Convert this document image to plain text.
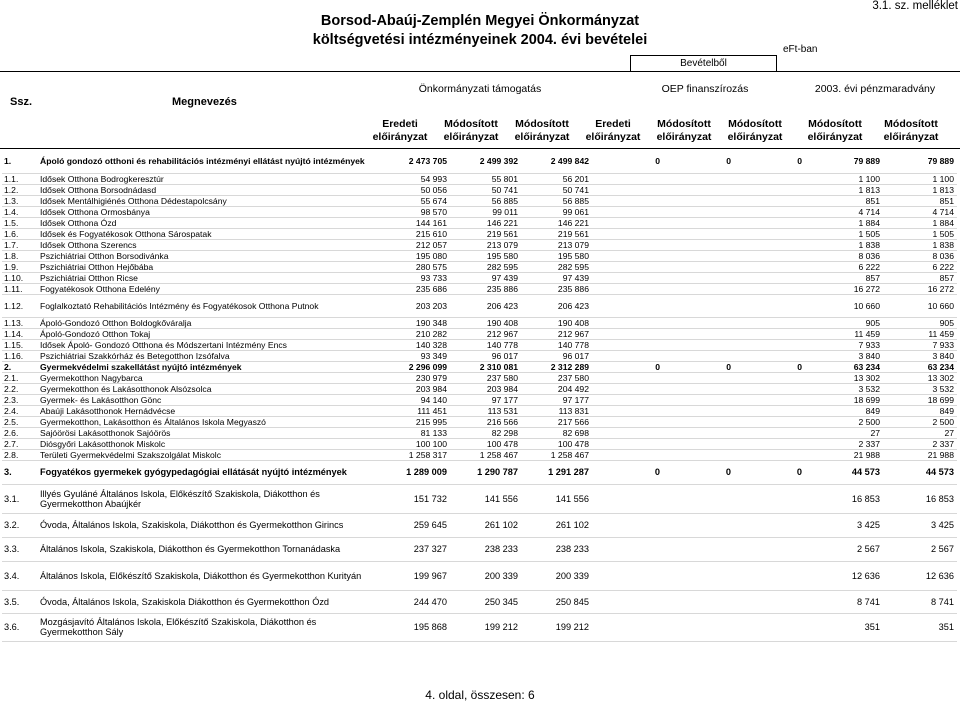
Borsod-Abaúj-Zemplén Megyei Önkormányzat
költségvetési intézményeinek 2004. évi bevételei
3.1. sz. melléklet
eFt-ban
Bevételből
Ssz.	Megnevezés
Önkormányzati támogatás	OEP finanszírozás	2003. évi pénzmaradvány
Eredeti
előirányzat
Módosított
előirányzat
Módosított
előirányzat
Eredeti
előirányzat
Módosított
előirányzat
Módosított
előirányzat
Módosított
előirányzat
Módosított
előirányzat
1.	Ápoló gondozó otthoni és rehabilitációs intézményi ellátást nyújtó intézmények	2 473 705	2 499 392	2 499 842	0	0	0	79 889	79 889
1.1.	Idősek Otthona Bodrogkeresztúr	54 993	55 801	56 201				1 100	1 100
1.2.	Idősek Otthona Borsodnádasd	50 056	50 741	50 741				1 813	1 813
1.3.	Idősek Mentálhigiénés Otthona Dédestapolcsány	55 674	56 885	56 885				851	851
1.4.	Idősek Otthona Ormosbánya	98 570	99 011	99 061				4 714	4 714
1.5.	Idősek Otthona Ózd	144 161	146 221	146 221				1 884	1 884
1.6.	Idősek és Fogyatékosok Otthona Sárospatak	215 610	219 561	219 561				1 505	1 505
1.7.	Idősek Otthona Szerencs	212 057	213 079	213 079				1 838	1 838
1.8.	Pszichiátriai Otthon Borsodivánka	195 080	195 580	195 580				8 036	8 036
1.9.	Pszichiátriai Otthon Hejőbába	280 575	282 595	282 595				6 222	6 222
1.10.	Pszichiátriai Otthon Ricse	93 733	97 439	97 439				857	857
1.11.	Fogyatékosok Otthona Edelény	235 686	235 886	235 886				16 272	16 272
1.12.	Foglalkoztató Rehabilitációs Intézmény és Fogyatékosok Otthona Putnok	203 203	206 423	206 423				10 660	10 660
1.13.	Ápoló-Gondozó Otthon Boldogkőváralja	190 348	190 408	190 408				905	905
1.14.	Ápoló-Gondozó Otthon Tokaj	210 282	212 967	212 967				11 459	11 459
1.15.	Idősek Ápoló- Gondozó Otthona és Módszertani Intézmény Encs	140 328	140 778	140 778				7 933	7 933
1.16.	Pszichiátriai Szakkórház és Betegotthon Izsófalva	93 349	96 017	96 017				3 840	3 840
2.	Gyermekvédelmi szakellátást nyújtó intézmények	2 296 099	2 310 081	2 312 289	0	0	0	63 234	63 234
2.1.	Gyermekotthon Nagybarca	230 979	237 580	237 580				13 302	13 302
2.2.	Gyermekotthon és Lakásotthonok Alsózsolca	203 984	203 984	204 492				3 532	3 532
2.3.	Gyermek- és Lakásotthon Gönc	94 140	97 177	97 177				18 699	18 699
2.4.	Abaúji Lakásotthonok Hernádvécse	111 451	113 531	113 831				849	849
2.5.	Gyermekotthon, Lakásotthon és Általános Iskola Megyaszó	215 995	216 566	217 566				2 500	2 500
2.6.	Sajóörösi Lakásotthonok Sajóörös	81 133	82 298	82 698				27	27
2.7.	Diósgyőri Lakásotthonok Miskolc	100 100	100 478	100 478				2 337	2 337
2.8.	Területi Gyermekvédelmi Szakszolgálat Miskolc	1 258 317	1 258 467	1 258 467				21 988	21 988
3.	Fogyatékos gyermekek gyógypedagógiai ellátását nyújtó intézmények	1 289 009	1 290 787	1 291 287	0	0	0	44 573	44 573
3.1.	Illyés Gyuláné Általános Iskola, Előkészítő Szakiskola, Diákotthon és Gyermekotthon Abaújkér	151 732	141 556	141 556				16 853	16 853
3.2.	Óvoda, Általános Iskola, Szakiskola, Diákotthon és Gyermekotthon Girincs	259 645	261 102	261 102				3 425	3 425
3.3.	Általános Iskola, Szakiskola, Diákotthon és Gyermekotthon Tornanádaska	237 327	238 233	238 233				2 567	2 567
3.4.	Általános Iskola, Előkészítő Szakiskola, Diákotthon és Gyermekotthon Kurityán	199 967	200 339	200 339				12 636	12 636
3.5.	Óvoda, Általános Iskola, Szakiskola Diákotthon és Gyermekotthon Ózd	244 470	250 345	250 845				8 741	8 741
3.6.	Mozgásjavító Általános Iskola, Előkészítő Szakiskola, Diákotthon és Gyermekotthon Sály	195 868	199 212	199 212				351	351
4. oldal, összesen: 6
